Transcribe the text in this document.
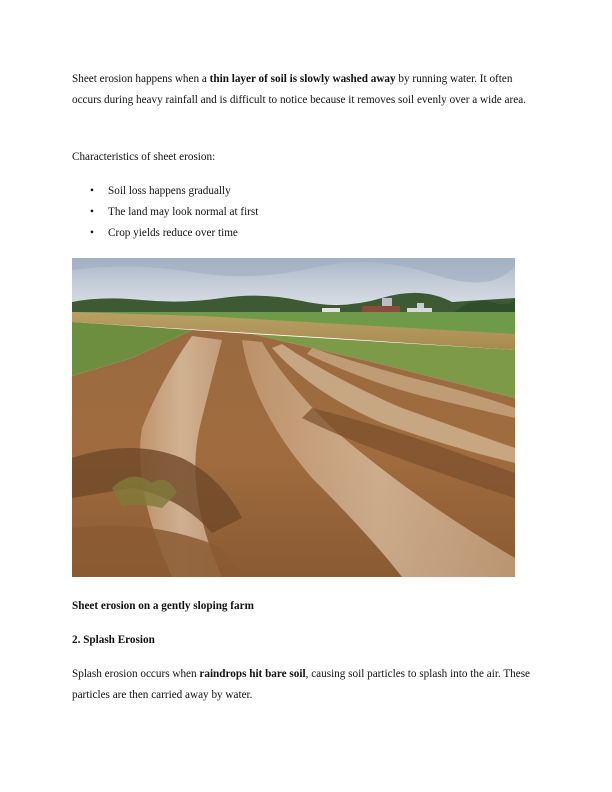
Sheet erosion happens when a thin layer of soil is slowly washed away by running water. It often occurs during heavy rainfall and is difficult to notice because it removes soil evenly over a wide area.

Characteristics of sheet erosion:

• Soil loss happens gradually
• The land may look normal at first
• Crop yields reduce over time

Sheet erosion on a gently sloping farm

2. Splash Erosion

Splash erosion occurs when raindrops hit bare soil, causing soil particles to splash into the air. These particles are then carried away by water.
